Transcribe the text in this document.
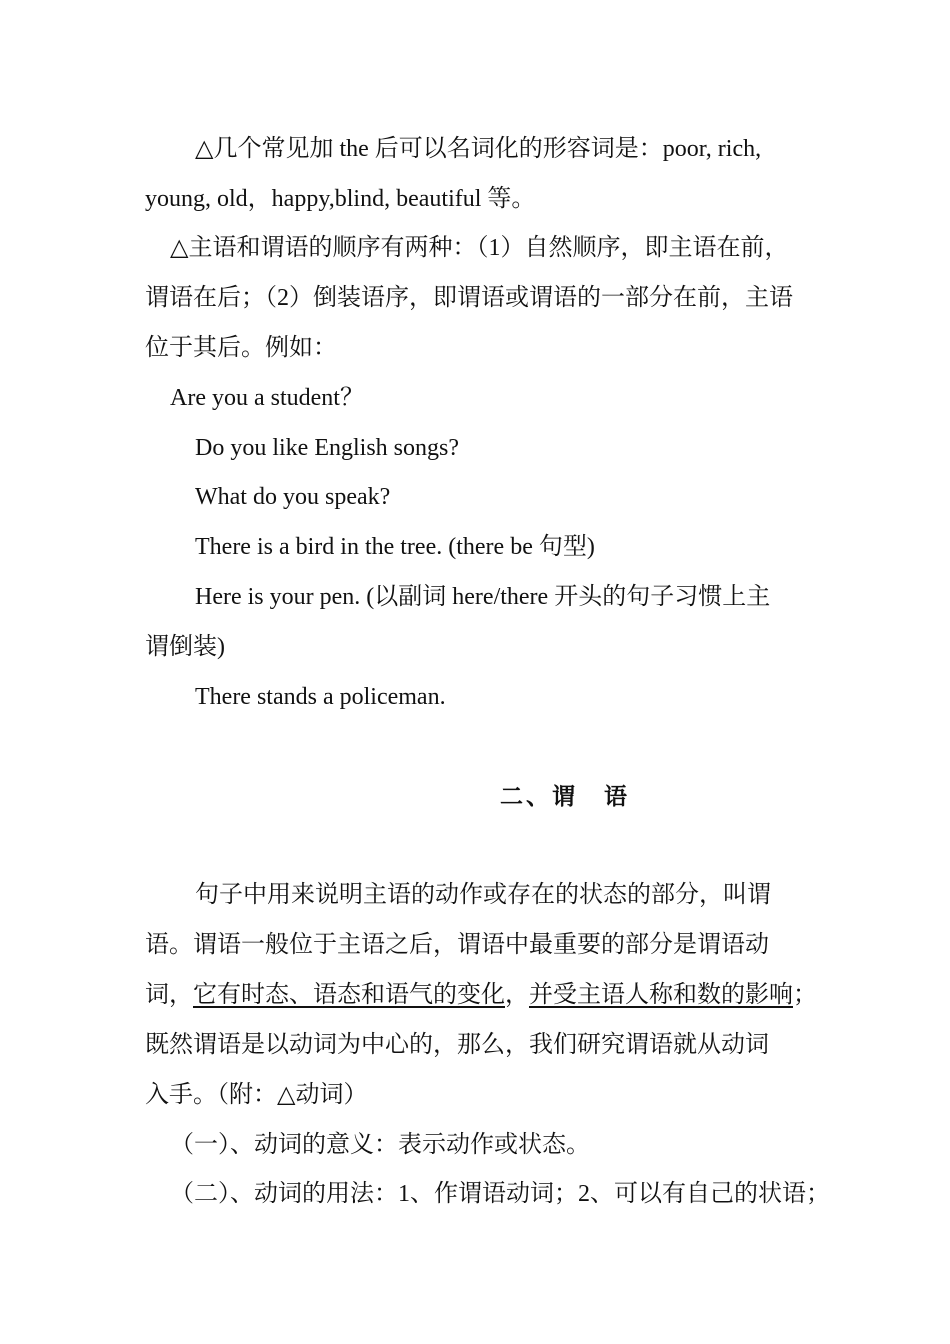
△几个常见加 the 后可以名词化的形容词是：poor, rich,
young, old，happy,blind, beautiful 等。
△主语和谓语的顺序有两种：（1）自然顺序，即主语在前，
谓语在后；（2）倒装语序，即谓语或谓语的一部分在前，主语
位于其后。例如：
Are you a student？
Do you like English songs?
What do you speak?
There is a bird in the tree. (there be 句型)
Here is your pen. (以副词 here/there 开头的句子习惯上主
谓倒装)
There stands a policeman.
二、谓　语
句子中用来说明主语的动作或存在的状态的部分，叫谓
语。谓语一般位于主语之后，谓语中最重要的部分是谓语动
词，它有时态、语态和语气的变化，并受主语人称和数的影响；
既然谓语是以动词为中心的，那么，我们研究谓语就从动词
入手。（附：△动词）
（一）、动词的意义：表示动作或状态。
（二）、动词的用法：1、作谓语动词；2、可以有自己的状语；
